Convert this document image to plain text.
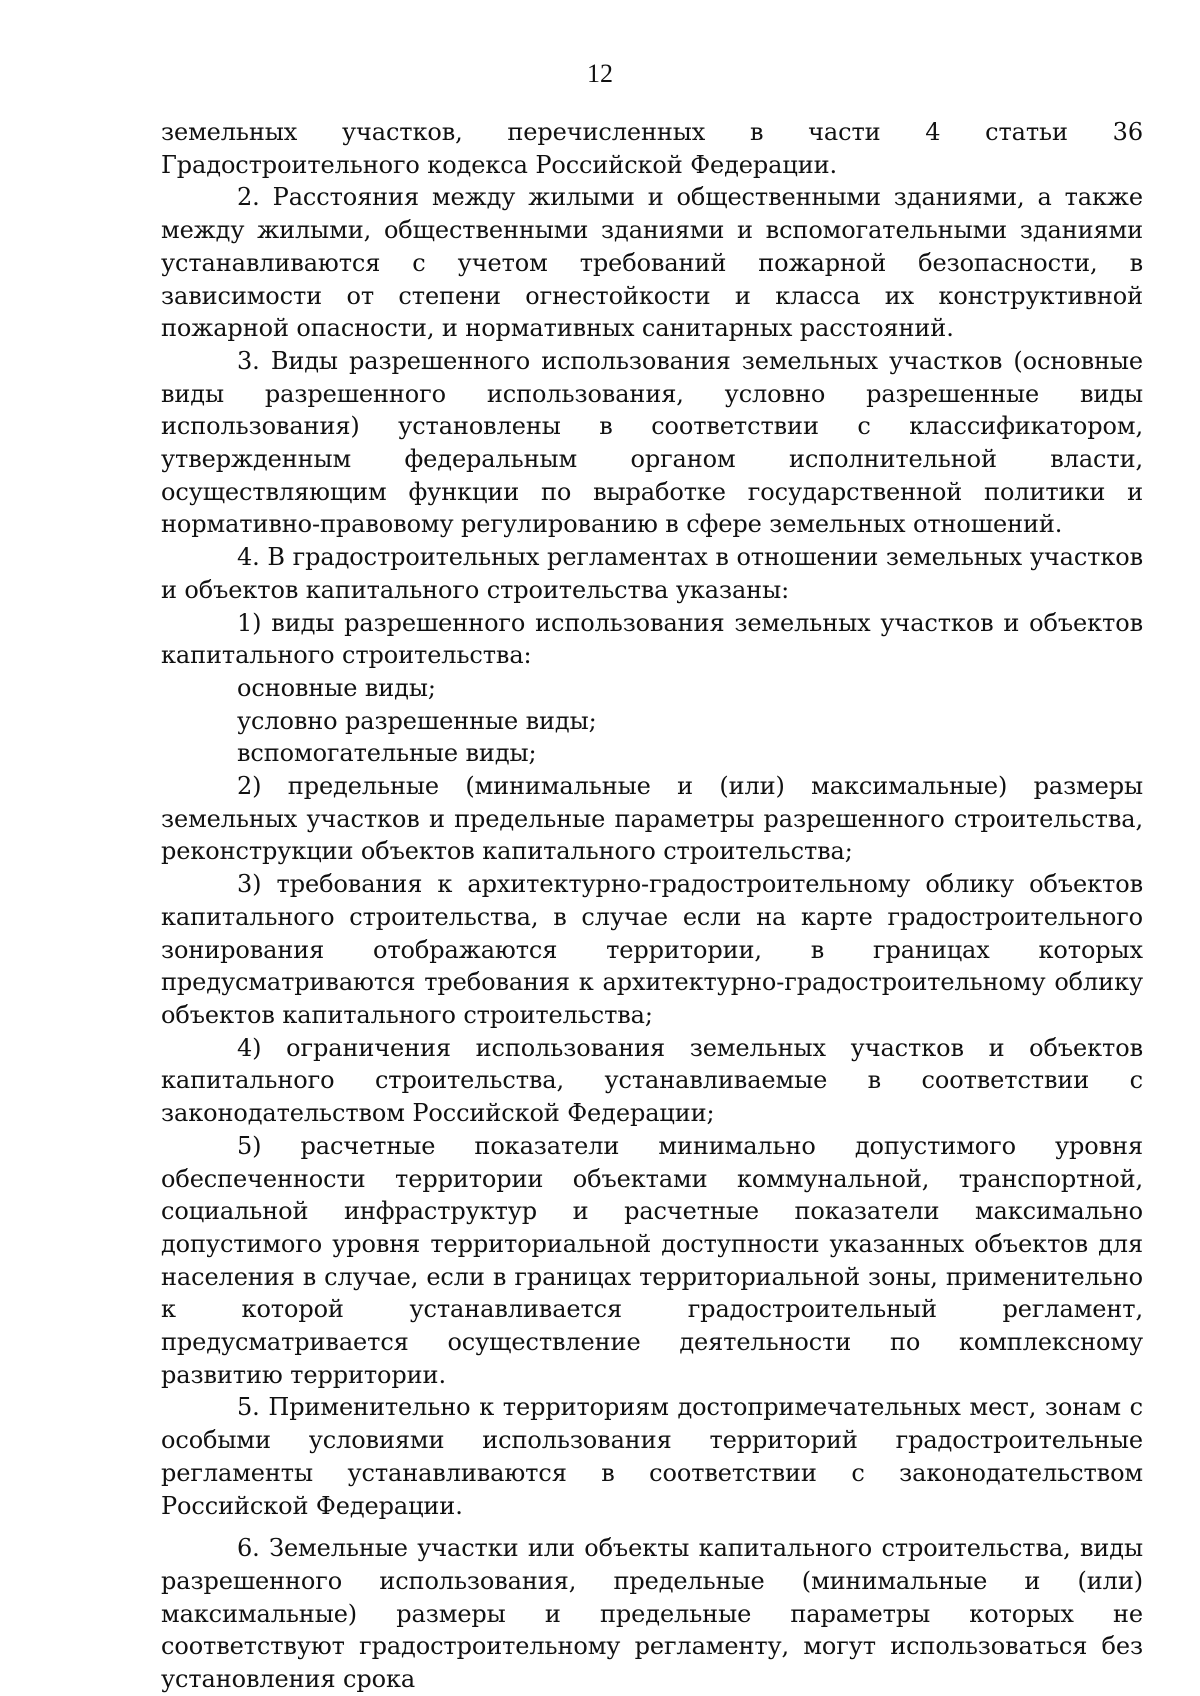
12

земельных участков, перечисленных в части 4 статьи 36 Градостроительного кодекса Российской Федерации.

2. Расстояния между жилыми и общественными зданиями, а также между жилыми, общественными зданиями и вспомогательными зданиями устанавливаются с учетом требований пожарной безопасности, в зависимости от степени огнестойкости и класса их конструктивной пожарной опасности, и нормативных санитарных расстояний.

3. Виды разрешенного использования земельных участков (основные виды разрешенного использования, условно разрешенные виды использования) установлены в соответствии с классификатором, утвержденным федеральным органом исполнительной власти, осуществляющим функции по выработке государственной политики и нормативно-правовому регулированию в сфере земельных отношений.

4. В градостроительных регламентах в отношении земельных участков и объектов капитального строительства указаны:

1) виды разрешенного использования земельных участков и объектов капитального строительства:

основные виды;

условно разрешенные виды;

вспомогательные виды;

2) предельные (минимальные и (или) максимальные) размеры земельных участков и предельные параметры разрешенного строительства, реконструкции объектов капитального строительства;

3) требования к архитектурно-градостроительному облику объектов капитального строительства, в случае если на карте градостроительного зонирования отображаются территории, в границах которых предусматриваются требования к архитектурно-градостроительному облику объектов капитального строительства;

4) ограничения использования земельных участков и объектов капитального строительства, устанавливаемые в соответствии с законодательством Российской Федерации;

5) расчетные показатели минимально допустимого уровня обеспеченности территории объектами коммунальной, транспортной, социальной инфраструктур и расчетные показатели максимально допустимого уровня территориальной доступности указанных объектов для населения в случае, если в границах территориальной зоны, применительно к которой устанавливается градостроительный регламент, предусматривается осуществление деятельности по комплексному развитию территории.

5. Применительно к территориям достопримечательных мест, зонам с особыми условиями использования территорий градостроительные регламенты устанавливаются в соответствии с законодательством Российской Федерации.

6. Земельные участки или объекты капитального строительства, виды разрешенного использования, предельные (минимальные и (или) максимальные) размеры и предельные параметры которых не соответствуют градостроительному регламенту, могут использоваться без установления срока
